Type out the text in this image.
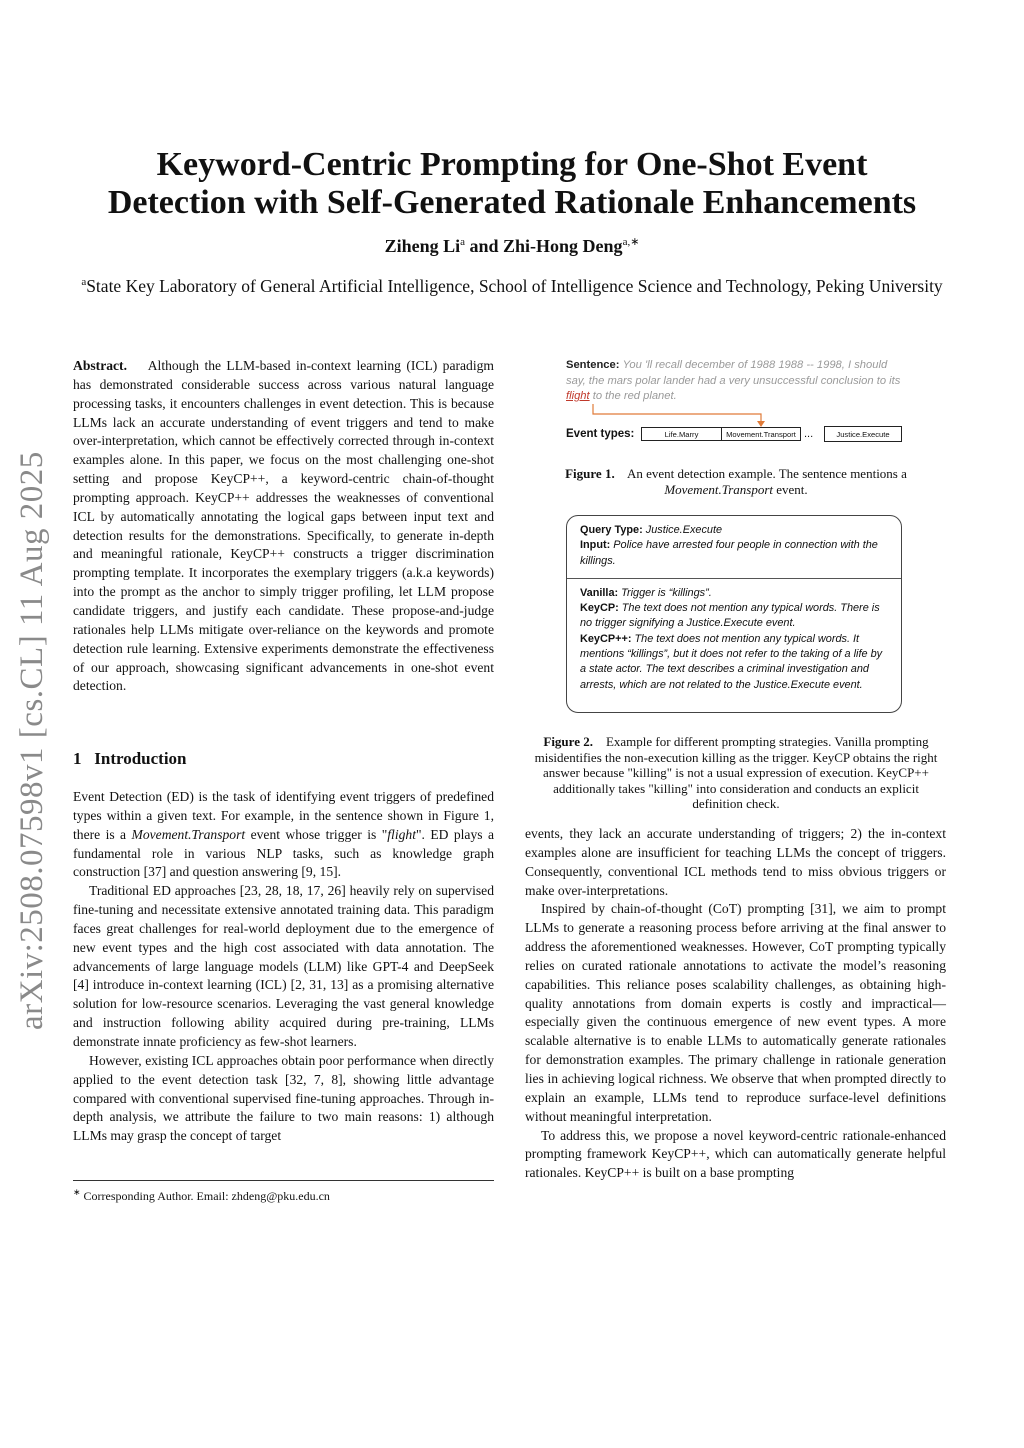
arXiv:2508.07598v1 [cs.CL] 11 Aug 2025
Keyword-Centric Prompting for One-Shot Event
Detection with Self-Generated Rationale Enhancements
Ziheng Li$^a$ and Zhi-Hong Deng$^{a,∗}$
$^a$State Key Laboratory of General Artificial Intelligence, School of Intelligence Science and Technology, Peking University

Abstract. Although the LLM-based in-context learning (ICL) paradigm has demonstrated considerable success across various natural language processing tasks, it encounters challenges in event detection. This is because LLMs lack an accurate understanding of event triggers and tend to make over-interpretation, which cannot be effectively corrected through in-context examples alone. In this paper, we focus on the most challenging one-shot setting and propose KeyCP++, a keyword-centric chain-of-thought prompting approach. KeyCP++ addresses the weaknesses of conventional ICL by automatically annotating the logical gaps between input text and detection results for the demonstrations. Specifically, to generate in-depth and meaningful rationale, KeyCP++ constructs a trigger discrimination prompting template. It incorporates the exemplary triggers (a.k.a keywords) into the prompt as the anchor to simply trigger profiling, let LLM propose candidate triggers, and justify each candidate. These propose-and-judge rationales help LLMs mitigate over-reliance on the keywords and promote detection rule learning. Extensive experiments demonstrate the effectiveness of our approach, showcasing significant advancements in one-shot event detection.

1 Introduction

Event Detection (ED) is the task of identifying event triggers of predefined types within a given text. For example, in the sentence shown in Figure 1, there is a Movement.Transport event whose trigger is "flight". ED plays a fundamental role in various NLP tasks, such as knowledge graph construction [37] and question answering [9, 15].

Traditional ED approaches [23, 28, 18, 17, 26] heavily rely on supervised fine-tuning and necessitate extensive annotated training data. This paradigm faces great challenges for real-world deployment due to the emergence of new event types and the high cost associated with data annotation. The advancements of large language models (LLM) like GPT-4 and DeepSeek [4] introduce in-context learning (ICL) [2, 31, 13] as a promising alternative solution for low-resource scenarios. Leveraging the vast general knowledge and instruction following ability acquired during pre-training, LLMs demonstrate innate proficiency as few-shot learners.

However, existing ICL approaches obtain poor performance when directly applied to the event detection task [32, 7, 8], showing little advantage compared with conventional supervised fine-tuning approaches. Through in-depth analysis, we attribute the failure to two main reasons: 1) although LLMs may grasp the concept of target

∗ Corresponding Author. Email: zhdeng@pku.edu.cn
Sentence: You 'll recall december of 1988 1988 -- 1998, I should say, the mars polar lander had a very unsuccessful conclusion to its flight to the red planet.
Event types:	Life.Marry	Movement.Transport ...	Justice.Execute
Figure 1. An event detection example. The sentence mentions a
Movement.Transport event.
Query Type: Justice.Execute
Input: Police have arrested four people in connection with the killings.
Vanilla: Trigger is “killings”.
KeyCP: The text does not mention any typical words. There is no trigger signifying a Justice.Execute event.
KeyCP++: The text does not mention any typical words. It mentions “killings”, but it does not refer to the taking of a life by a state actor. The text describes a criminal investigation and arrests, which are not related to the Justice.Execute event.
Figure 2. Example for different prompting strategies. Vanilla prompting misidentifies the non-execution killing as the trigger. KeyCP obtains the right answer because "killing" is not a usual expression of execution. KeyCP++ additionally takes "killing" into consideration and conducts an explicit definition check.

events, they lack an accurate understanding of triggers; 2) the in-context examples alone are insufficient for teaching LLMs the concept of triggers. Consequently, conventional ICL methods tend to miss obvious triggers or make over-interpretations.

Inspired by chain-of-thought (CoT) prompting [31], we aim to prompt LLMs to generate a reasoning process before arriving at the final answer to address the aforementioned weaknesses. However, CoT prompting typically relies on curated rationale annotations to activate the model’s reasoning capabilities. This reliance poses scalability challenges, as obtaining high-quality annotations from domain experts is costly and impractical—especially given the continuous emergence of new event types. A more scalable alternative is to enable LLMs to automatically generate rationales for demonstration examples. The primary challenge in rationale generation lies in achieving logical richness. We observe that when prompted directly to explain an example, LLMs tend to reproduce surface-level definitions without meaningful interpretation.

To address this, we propose a novel keyword-centric rationale-enhanced prompting framework KeyCP++, which can automatically generate helpful rationales. KeyCP++ is built on a base prompting
